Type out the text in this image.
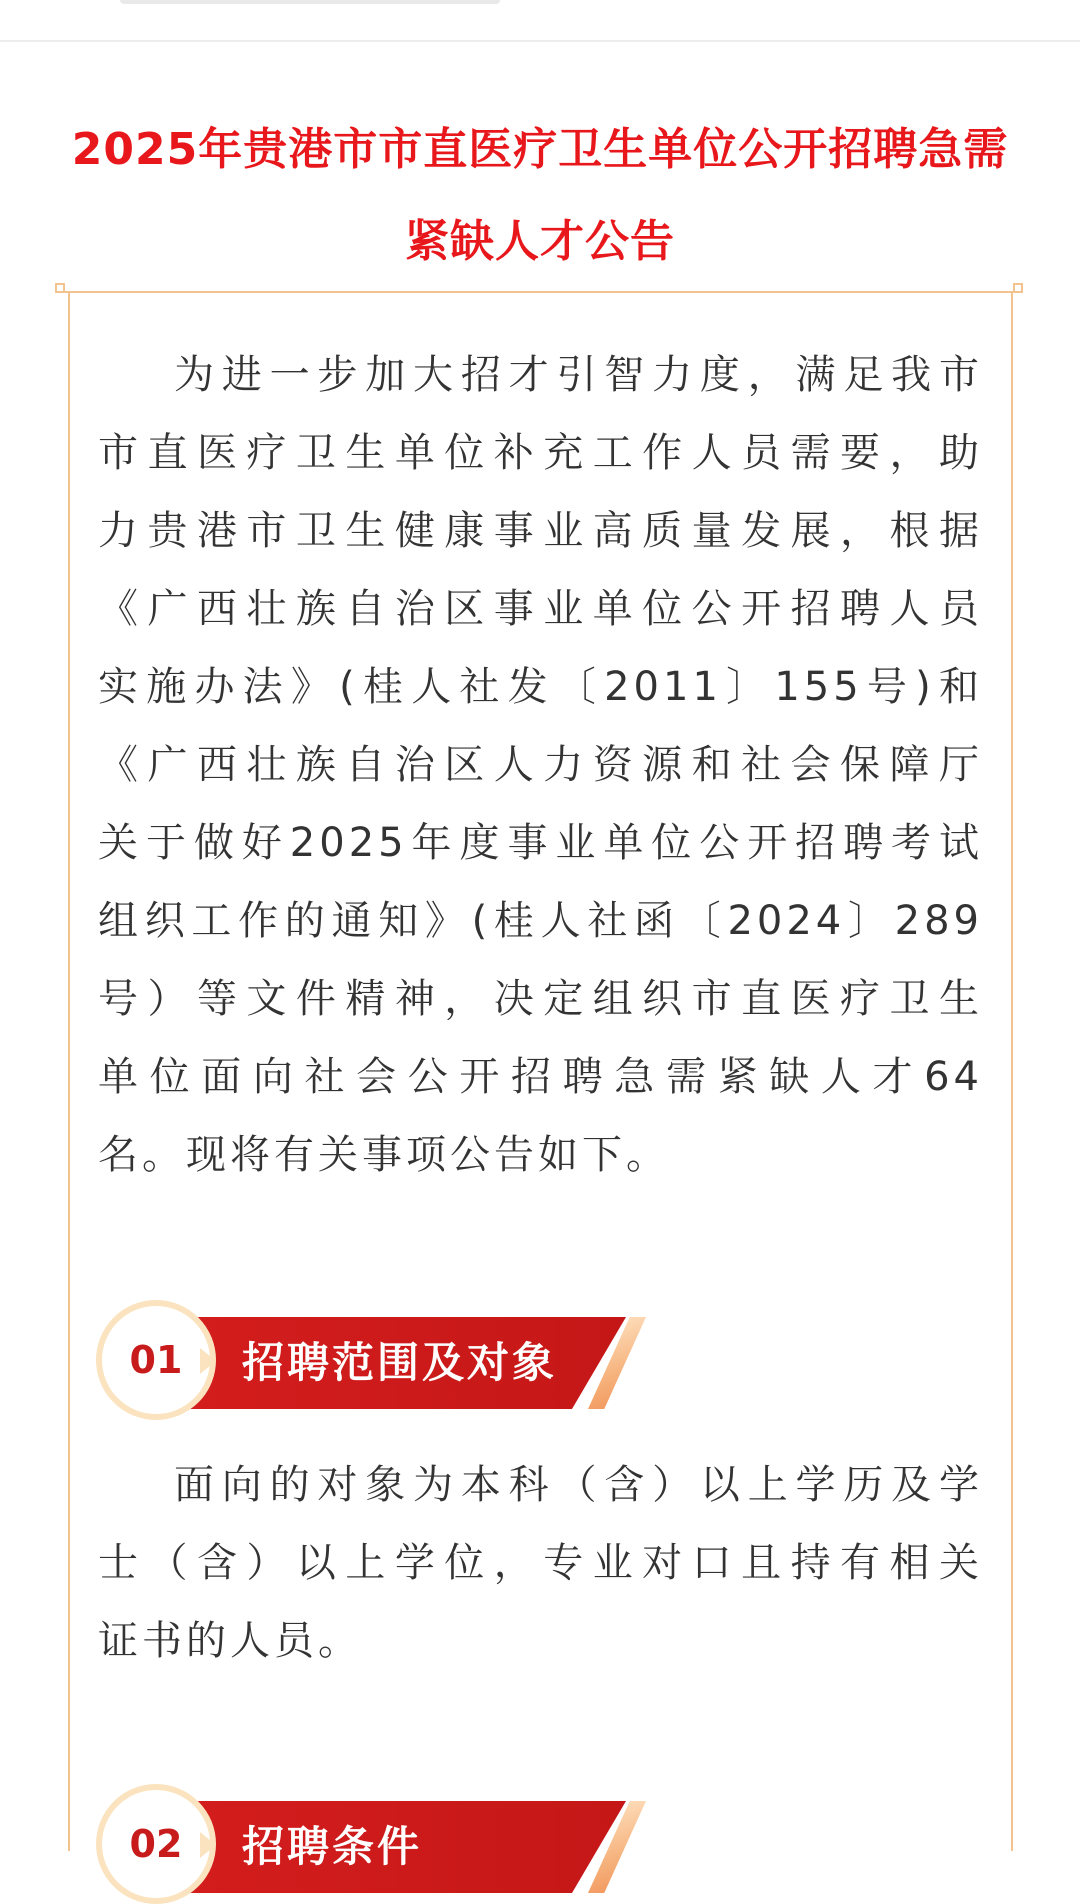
2025年贵港市市直医疗卫生单位公开招聘急需
紧缺人才公告
为进一步加大招才引智力度，满足我市
市直医疗卫生单位补充工作人员需要，助
力贵港市卫生健康事业高质量发展，根据
《广西壮族自治区事业单位公开招聘人员
实施办法》(桂人社发〔2011〕155号)和
《广西壮族自治区人力资源和社会保障厅
关于做好2025年度事业单位公开招聘考试
组织工作的通知》(桂人社函〔2024〕289
号）等文件精神，决定组织市直医疗卫生
单位面向社会公开招聘急需紧缺人才64
名。现将有关事项公告如下。
01	招聘范围及对象
面向的对象为本科（含）以上学历及学
士（含）以上学位，专业对口且持有相关
证书的人员。
02	招聘条件
